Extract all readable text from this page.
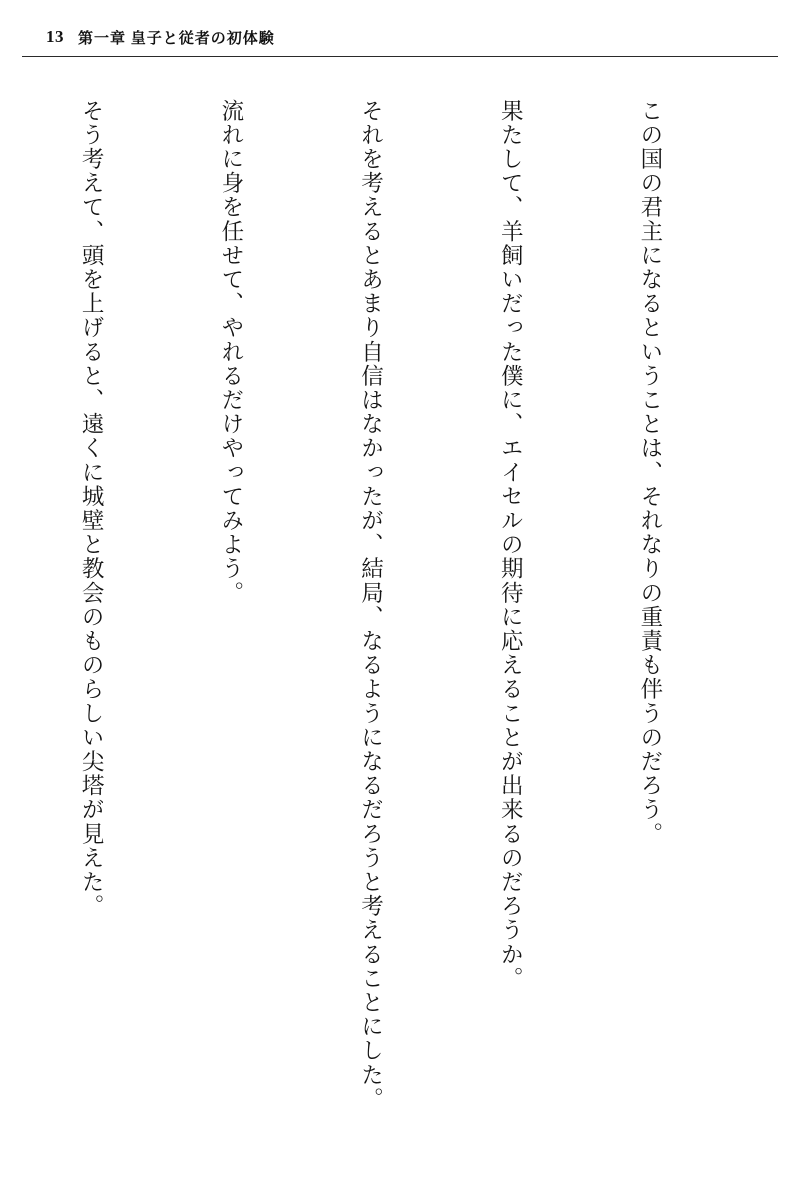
13 第一章 皇子と従者の初体験

この国の君主になるということは、それなりの重責も伴うのだろう。

果たして、羊飼いだった僕に、エイセルの期待に応えることが出来るのだろうか。

それを考えるとあまり自信はなかったが、結局、なるようになるだろうと考えることにした。

流れに身を任せて、やれるだけやってみよう。

そう考えて、頭を上げると、遠くに城壁と教会のものらしい尖塔が見えた。
